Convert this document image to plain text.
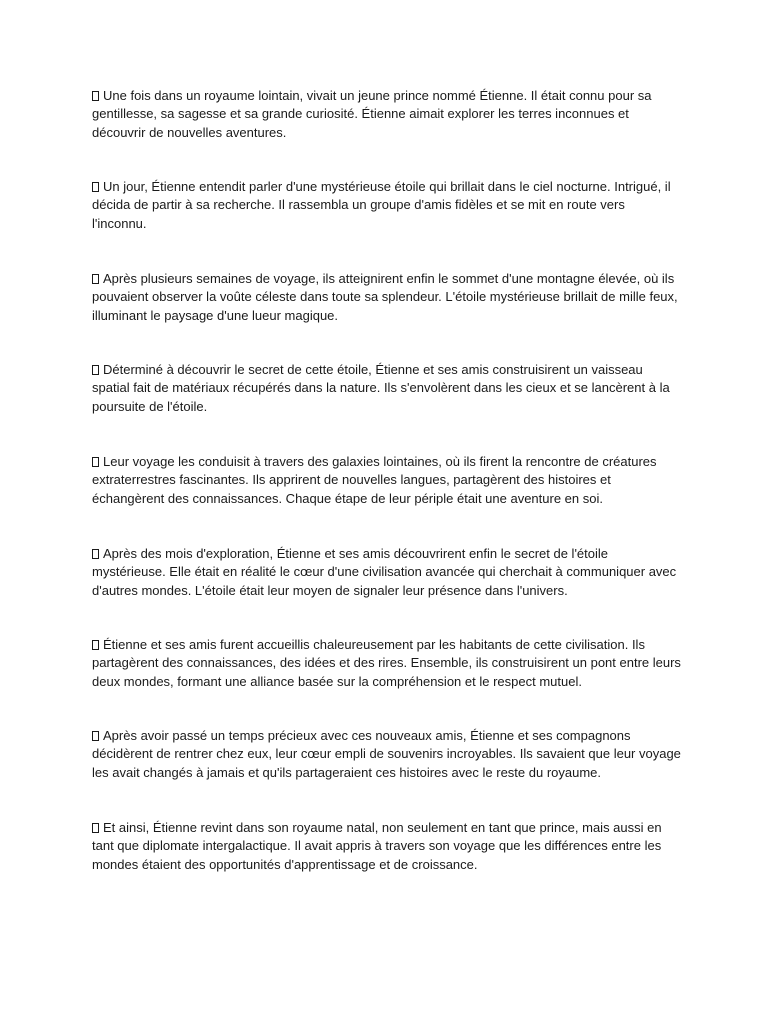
Une fois dans un royaume lointain, vivait un jeune prince nommé Étienne. Il était connu pour sa gentillesse, sa sagesse et sa grande curiosité. Étienne aimait explorer les terres inconnues et découvrir de nouvelles aventures.

Un jour, Étienne entendit parler d'une mystérieuse étoile qui brillait dans le ciel nocturne. Intrigué, il décida de partir à sa recherche. Il rassembla un groupe d'amis fidèles et se mit en route vers l'inconnu.

Après plusieurs semaines de voyage, ils atteignirent enfin le sommet d'une montagne élevée, où ils pouvaient observer la voûte céleste dans toute sa splendeur. L'étoile mystérieuse brillait de mille feux, illuminant le paysage d'une lueur magique.

Déterminé à découvrir le secret de cette étoile, Étienne et ses amis construisirent un vaisseau spatial fait de matériaux récupérés dans la nature. Ils s'envolèrent dans les cieux et se lancèrent à la poursuite de l'étoile.

Leur voyage les conduisit à travers des galaxies lointaines, où ils firent la rencontre de créatures extraterrestres fascinantes. Ils apprirent de nouvelles langues, partagèrent des histoires et échangèrent des connaissances. Chaque étape de leur périple était une aventure en soi.

Après des mois d'exploration, Étienne et ses amis découvrirent enfin le secret de l'étoile mystérieuse. Elle était en réalité le cœur d'une civilisation avancée qui cherchait à communiquer avec d'autres mondes. L'étoile était leur moyen de signaler leur présence dans l'univers.

Étienne et ses amis furent accueillis chaleureusement par les habitants de cette civilisation. Ils partagèrent des connaissances, des idées et des rires. Ensemble, ils construisirent un pont entre leurs deux mondes, formant une alliance basée sur la compréhension et le respect mutuel.

Après avoir passé un temps précieux avec ces nouveaux amis, Étienne et ses compagnons décidèrent de rentrer chez eux, leur cœur empli de souvenirs incroyables. Ils savaient que leur voyage les avait changés à jamais et qu'ils partageraient ces histoires avec le reste du royaume.

Et ainsi, Étienne revint dans son royaume natal, non seulement en tant que prince, mais aussi en tant que diplomate intergalactique. Il avait appris à travers son voyage que les différences entre les mondes étaient des opportunités d'apprentissage et de croissance.
